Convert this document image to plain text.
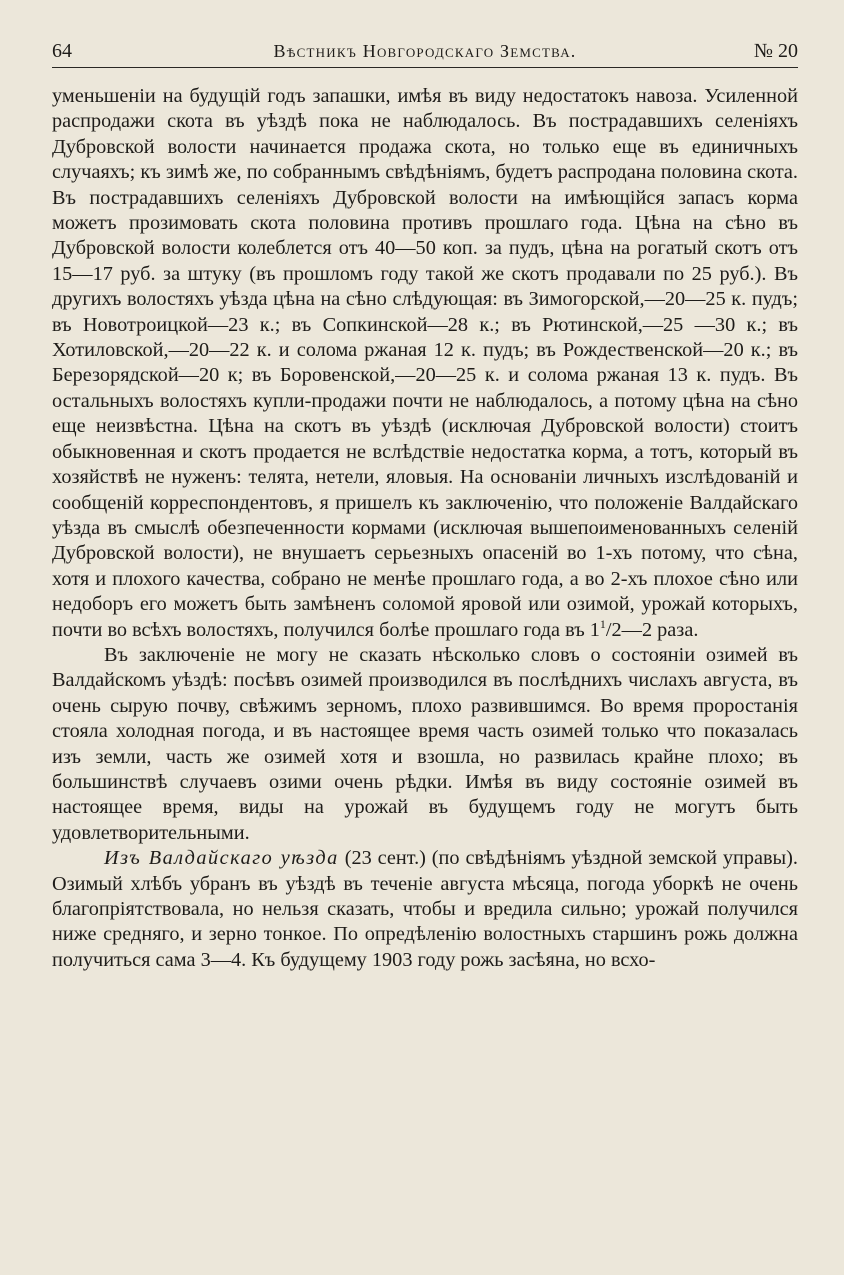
64	Вѣстникъ Новгородскаго Земства.	№ 20

уменьшеніи на будущій годъ запашки, имѣя въ виду недостатокъ навоза. Усиленной распродажи скота въ уѣздѣ пока не наблюдалось. Въ пострадавшихъ селеніяхъ Дубровской волости начинается продажа скота, но только еще въ единичныхъ случаяхъ; къ зимѣ же, по собраннымъ свѣдѣніямъ, будетъ распродана половина скота. Въ пострадавшихъ селеніяхъ Дубровской волости на имѣющійся запасъ корма можетъ прозимовать скота половина противъ прошлаго года. Цѣна на сѣно въ Дубровской волости колеблется отъ 40—50 коп. за пудъ, цѣна на рогатый скотъ отъ 15—17 руб. за штуку (въ прошломъ году такой же скотъ продавали по 25 руб.). Въ другихъ волостяхъ уѣзда цѣна на сѣно слѣдующая: въ Зимогорской,—20—25 к. пудъ; въ Новотроицкой—23 к.; въ Сопкинской—28 к.; въ Рютинской,—25 —30 к.; въ Хотиловской,—20—22 к. и солома ржаная 12 к. пудъ; въ Рождественской—20 к.; въ Березорядской—20 к; въ Боровенской,—20—25 к. и солома ржаная 13 к. пудъ. Въ остальныхъ волостяхъ купли-продажи почти не наблюдалось, а потому цѣна на сѣно еще неизвѣстна. Цѣна на скотъ въ уѣздѣ (исключая Дубровской волости) стоитъ обыкновенная и скотъ продается не вслѣдствіе недостатка корма, а тотъ, который въ хозяйствѣ не нуженъ: телята, нетели, яловыя. На основаніи личныхъ изслѣдованій и сообщеній корреспондентовъ, я пришелъ къ заключенію, что положеніе Валдайскаго уѣзда въ смыслѣ обезпеченности кормами (исключая вышепоименованныхъ селеній Дубровской волости), не внушаетъ серьезныхъ опасеній во 1-хъ потому, что сѣна, хотя и плохого качества, собрано не менѣе прошлаго года, а во 2-хъ плохое сѣно или недоборъ его можетъ быть замѣненъ соломой яровой или озимой, урожай которыхъ, почти во всѣхъ волостяхъ, получился болѣе прошлаго года въ $1^1/2—2$ раза.

Въ заключеніе не могу не сказать нѣсколько словъ о состояніи озимей въ Валдайскомъ уѣздѣ: посѣвъ озимей производился въ послѣднихъ числахъ августа, въ очень сырую почву, свѣжимъ зерномъ, плохо развившимся. Во время проростанія стояла холодная погода, и въ настоящее время часть озимей только что показалась изъ земли, часть же озимей хотя и взошла, но развилась крайне плохо; въ большинствѣ случаевъ озими очень рѣдки. Имѣя въ виду состояніе озимей въ настоящее время, виды на урожай въ будущемъ году не могутъ быть удовлетворительными.

Изъ Валдайскаго уѣзда (23 сент.) (по свѣдѣніямъ уѣздной земской управы). Озимый хлѣбъ убранъ въ уѣздѣ въ теченіе августа мѣсяца, погода уборкѣ не очень благопріятствовала, но нельзя сказать, чтобы и вредила сильно; урожай получился ниже средняго, и зерно тонкое. По опредѣленію волостныхъ старшинъ рожь должна получиться сама 3—4. Къ будущему 1903 году рожь засѣяна, но всхо-
